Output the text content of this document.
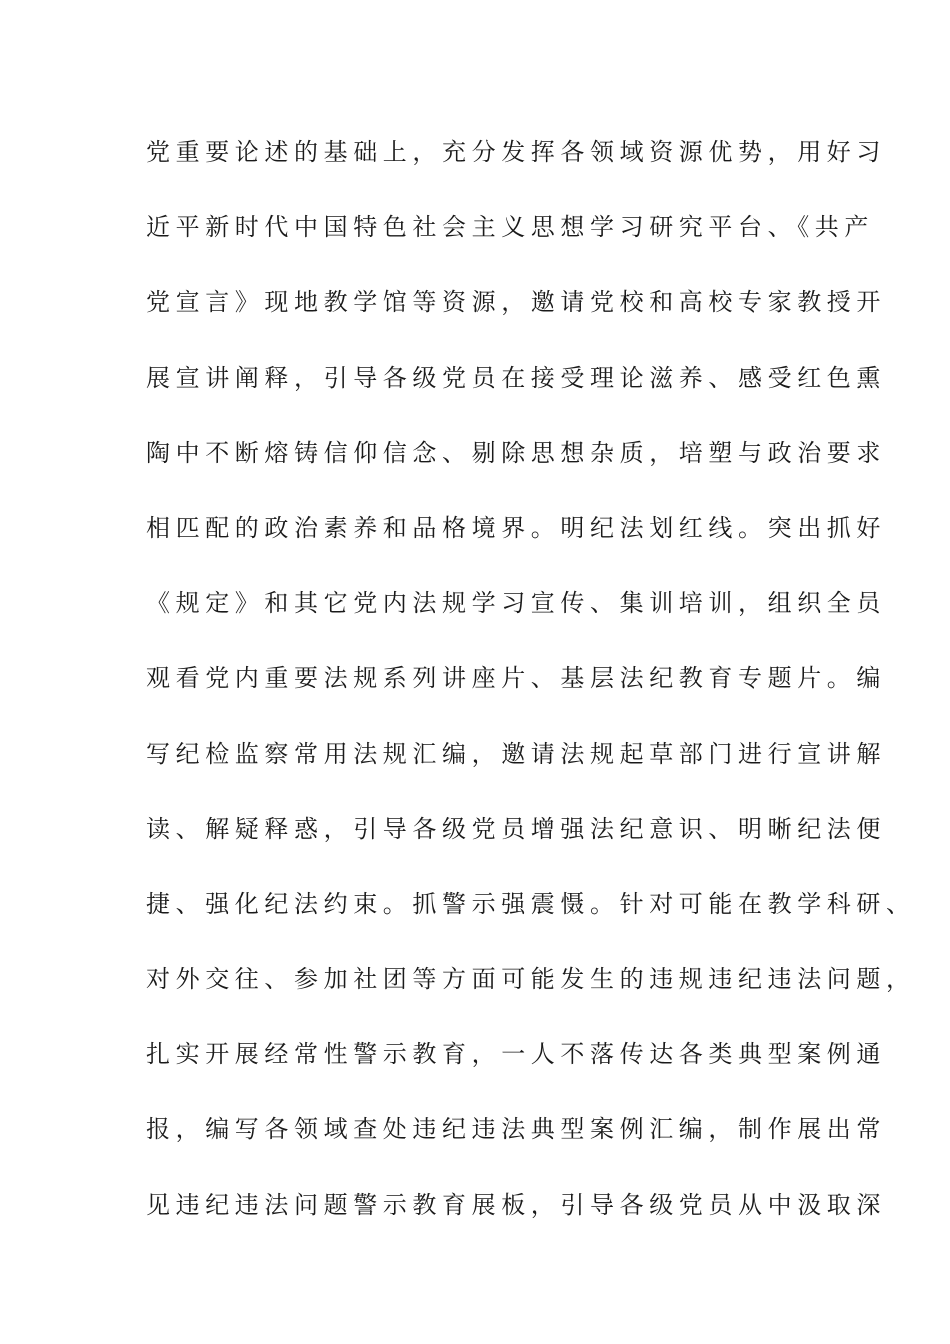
党重要论述的基础上，充分发挥各领域资源优势，用好习
近平新时代中国特色社会主义思想学习研究平台、《共产
党宣言》现地教学馆等资源，邀请党校和高校专家教授开
展宣讲阐释，引导各级党员在接受理论滋养、感受红色熏
陶中不断熔铸信仰信念、剔除思想杂质，培塑与政治要求
相匹配的政治素养和品格境界。明纪法划红线。突出抓好
《规定》和其它党内法规学习宣传、集训培训，组织全员
观看党内重要法规系列讲座片、基层法纪教育专题片。编
写纪检监察常用法规汇编，邀请法规起草部门进行宣讲解
读、解疑释惑，引导各级党员增强法纪意识、明晰纪法便
捷、强化纪法约束。抓警示强震慑。针对可能在教学科研、
对外交往、参加社团等方面可能发生的违规违纪违法问题，
扎实开展经常性警示教育，一人不落传达各类典型案例通
报，编写各领域查处违纪违法典型案例汇编，制作展出常
见违纪违法问题警示教育展板，引导各级党员从中汲取深
